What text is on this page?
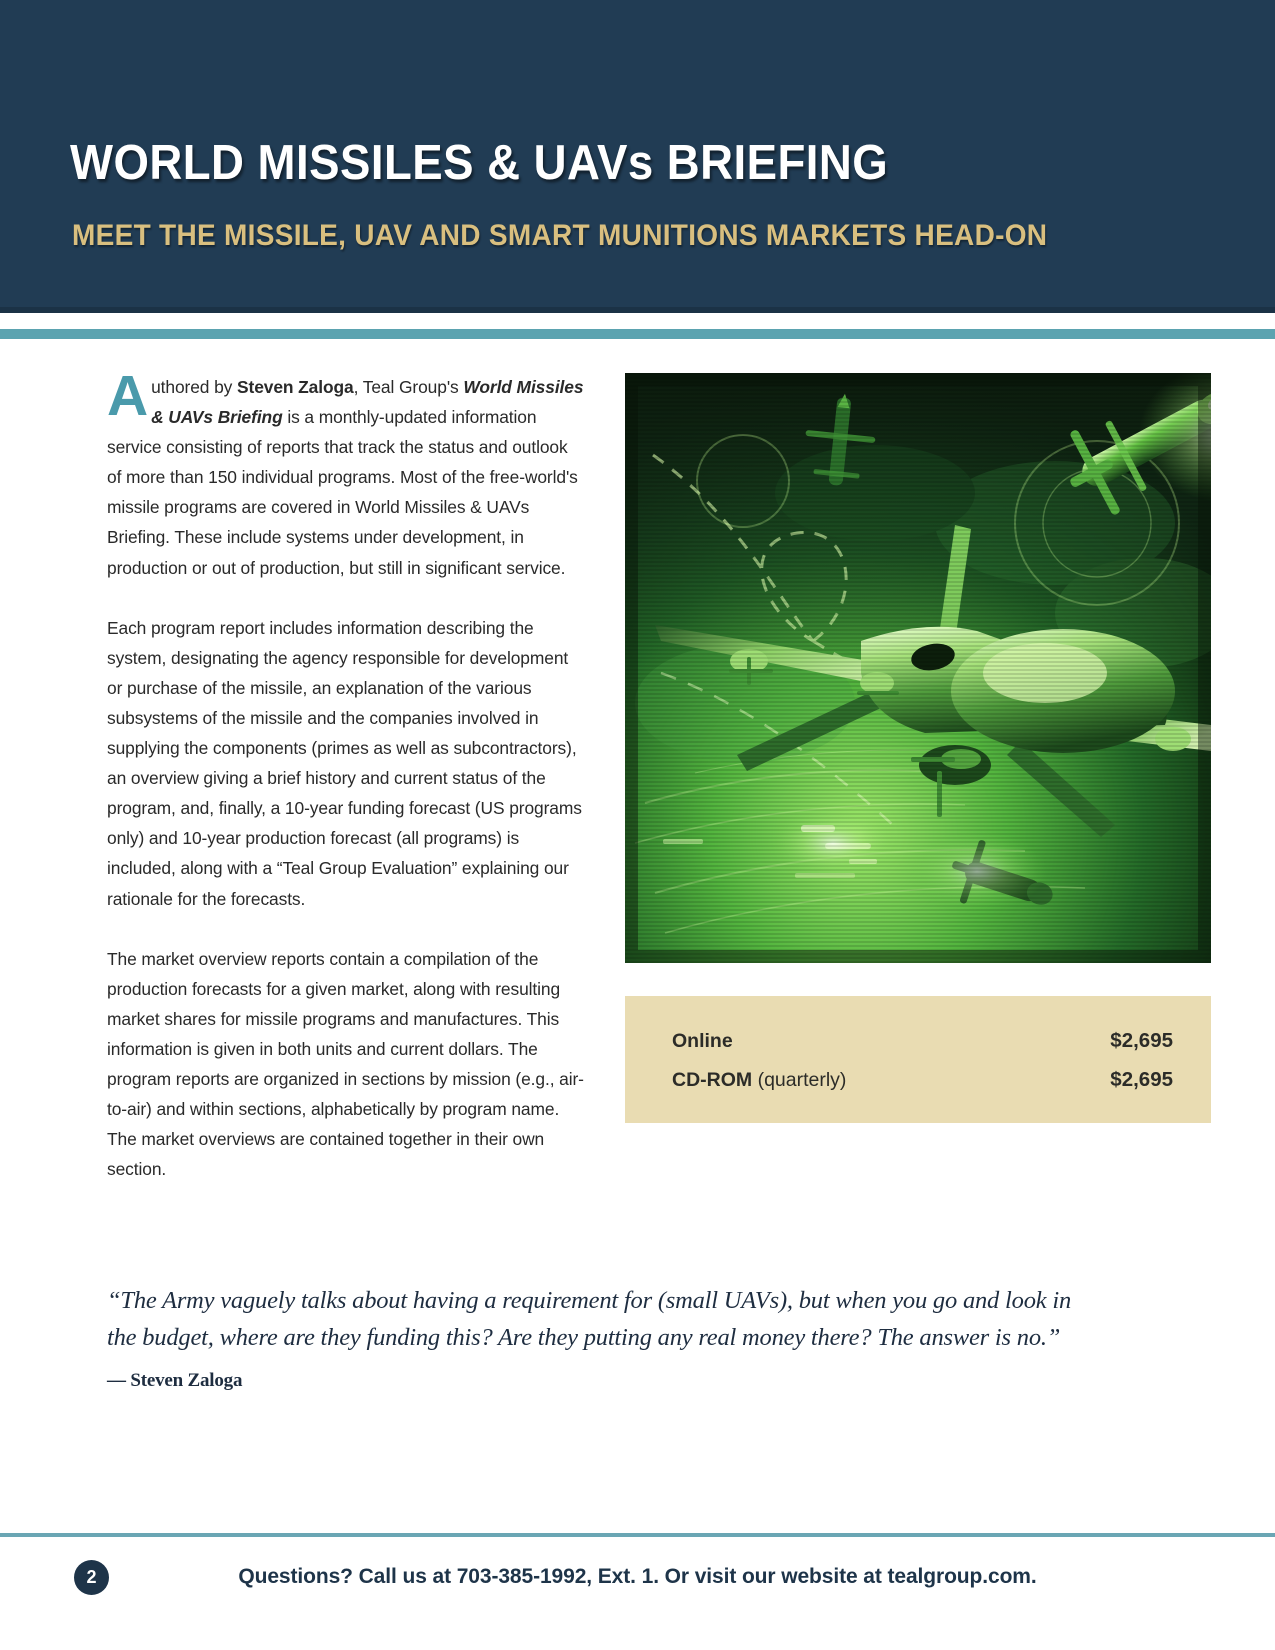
WORLD MISSILES & UAVs BRIEFING
MEET THE MISSILE, UAV AND SMART MUNITIONS MARKETS HEAD-ON

Authored by Steven Zaloga, Teal Group's World Missiles & UAVs Briefing is a monthly-updated information service consisting of reports that track the status and outlook of more than 150 individual programs. Most of the free-world's missile programs are covered in World Missiles & UAVs Briefing. These include systems under development, in production or out of production, but still in significant service.

Each program report includes information describing the system, designating the agency responsible for development or purchase of the missile, an explanation of the various subsystems of the missile and the companies involved in supplying the components (primes as well as subcontractors), an overview giving a brief history and current status of the program, and, finally, a 10-year funding forecast (US programs only) and 10-year production forecast (all programs) is included, along with a “Teal Group Evaluation” explaining our rationale for the forecasts.

The market overview reports contain a compilation of the production forecasts for a given market, along with resulting market shares for missile programs and manufactures. This information is given in both units and current dollars. The program reports are organized in sections by mission (e.g., air-to-air) and within sections, alphabetically by program name. The market overviews are contained together in their own section.

Online	$2,695
CD-ROM (quarterly)	$2,695

“The Army vaguely talks about having a requirement for (small UAVs), but when you go and look in

the budget, where are they funding this? Are they putting any real money there? The answer is no.”

— Steven Zaloga

2	Questions? Call us at 703-385-1992, Ext. 1. Or visit our website at tealgroup.com.
